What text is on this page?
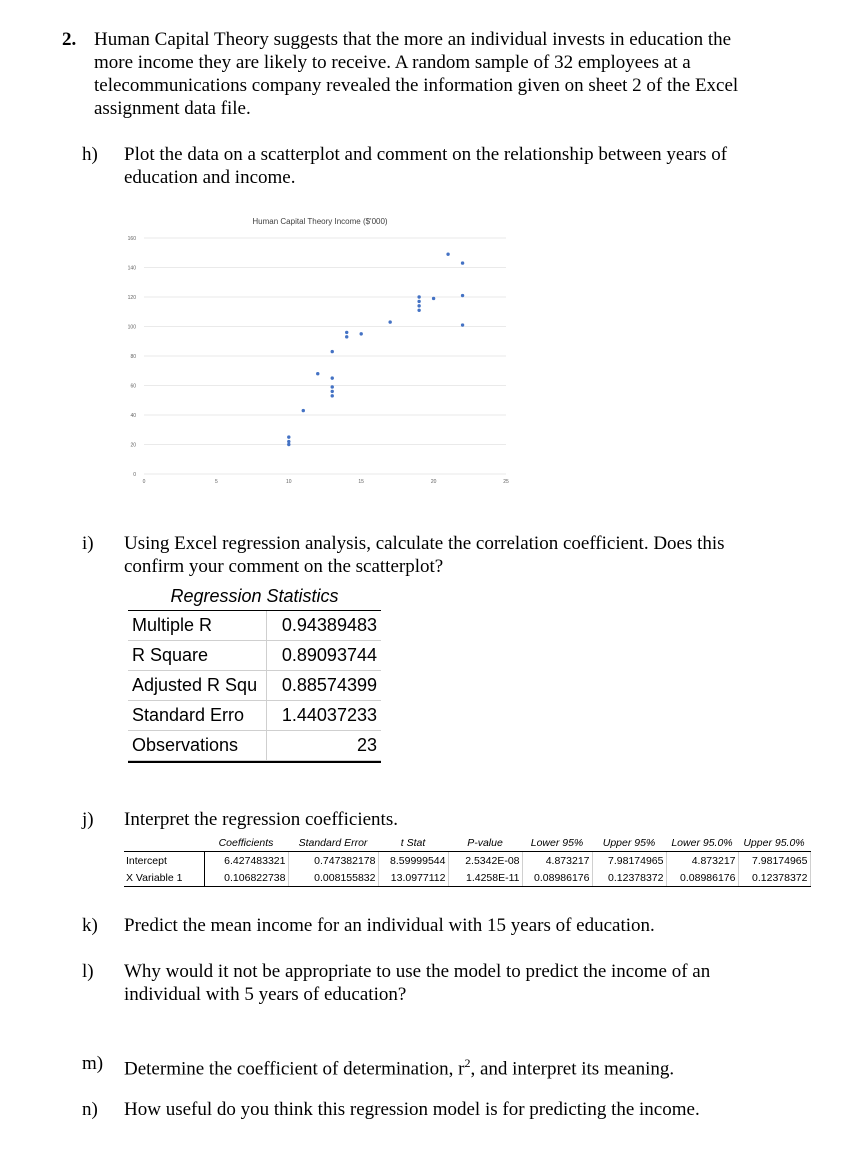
2. Human Capital Theory suggests that the more an individual invests in education the
more income they are likely to receive. A random sample of 32 employees at a
telecommunications company revealed the information given on sheet 2 of the Excel
assignment data file.
h) Plot the data on a scatterplot and comment on the relationship between years of
education and income.
Human Capital Theory Income ($'000)
0
20
40
60
80
100
120
140
160
0	5	10	15	20	25
i) Using Excel regression analysis, calculate the correlation coefficient. Does this
confirm your comment on the scatterplot?
Regression Statistics
Multiple R	0.94389483
R Square	0.89093744
Adjusted R Squ	0.88574399
Standard Erro	1.44037233
Observations	23
j) Interpret the regression coefficients.
	Coefficients	Standard Error	t Stat	P-value	Lower 95%	Upper 95%	Lower 95.0%	Upper 95.0%
Intercept	6.427483321	0.747382178	8.59999544	2.5342E-08	4.873217	7.98174965	4.873217	7.98174965
X Variable 1	0.106822738	0.008155832	13.0977112	1.4258E-11	0.08986176	0.12378372	0.08986176	0.12378372
k) Predict the mean income for an individual with 15 years of education.
l) Why would it not be appropriate to use the model to predict the income of an
individual with 5 years of education?
m) Determine the coefficient of determination, $r^2$, and interpret its meaning.
n) How useful do you think this regression model is for predicting the income.
